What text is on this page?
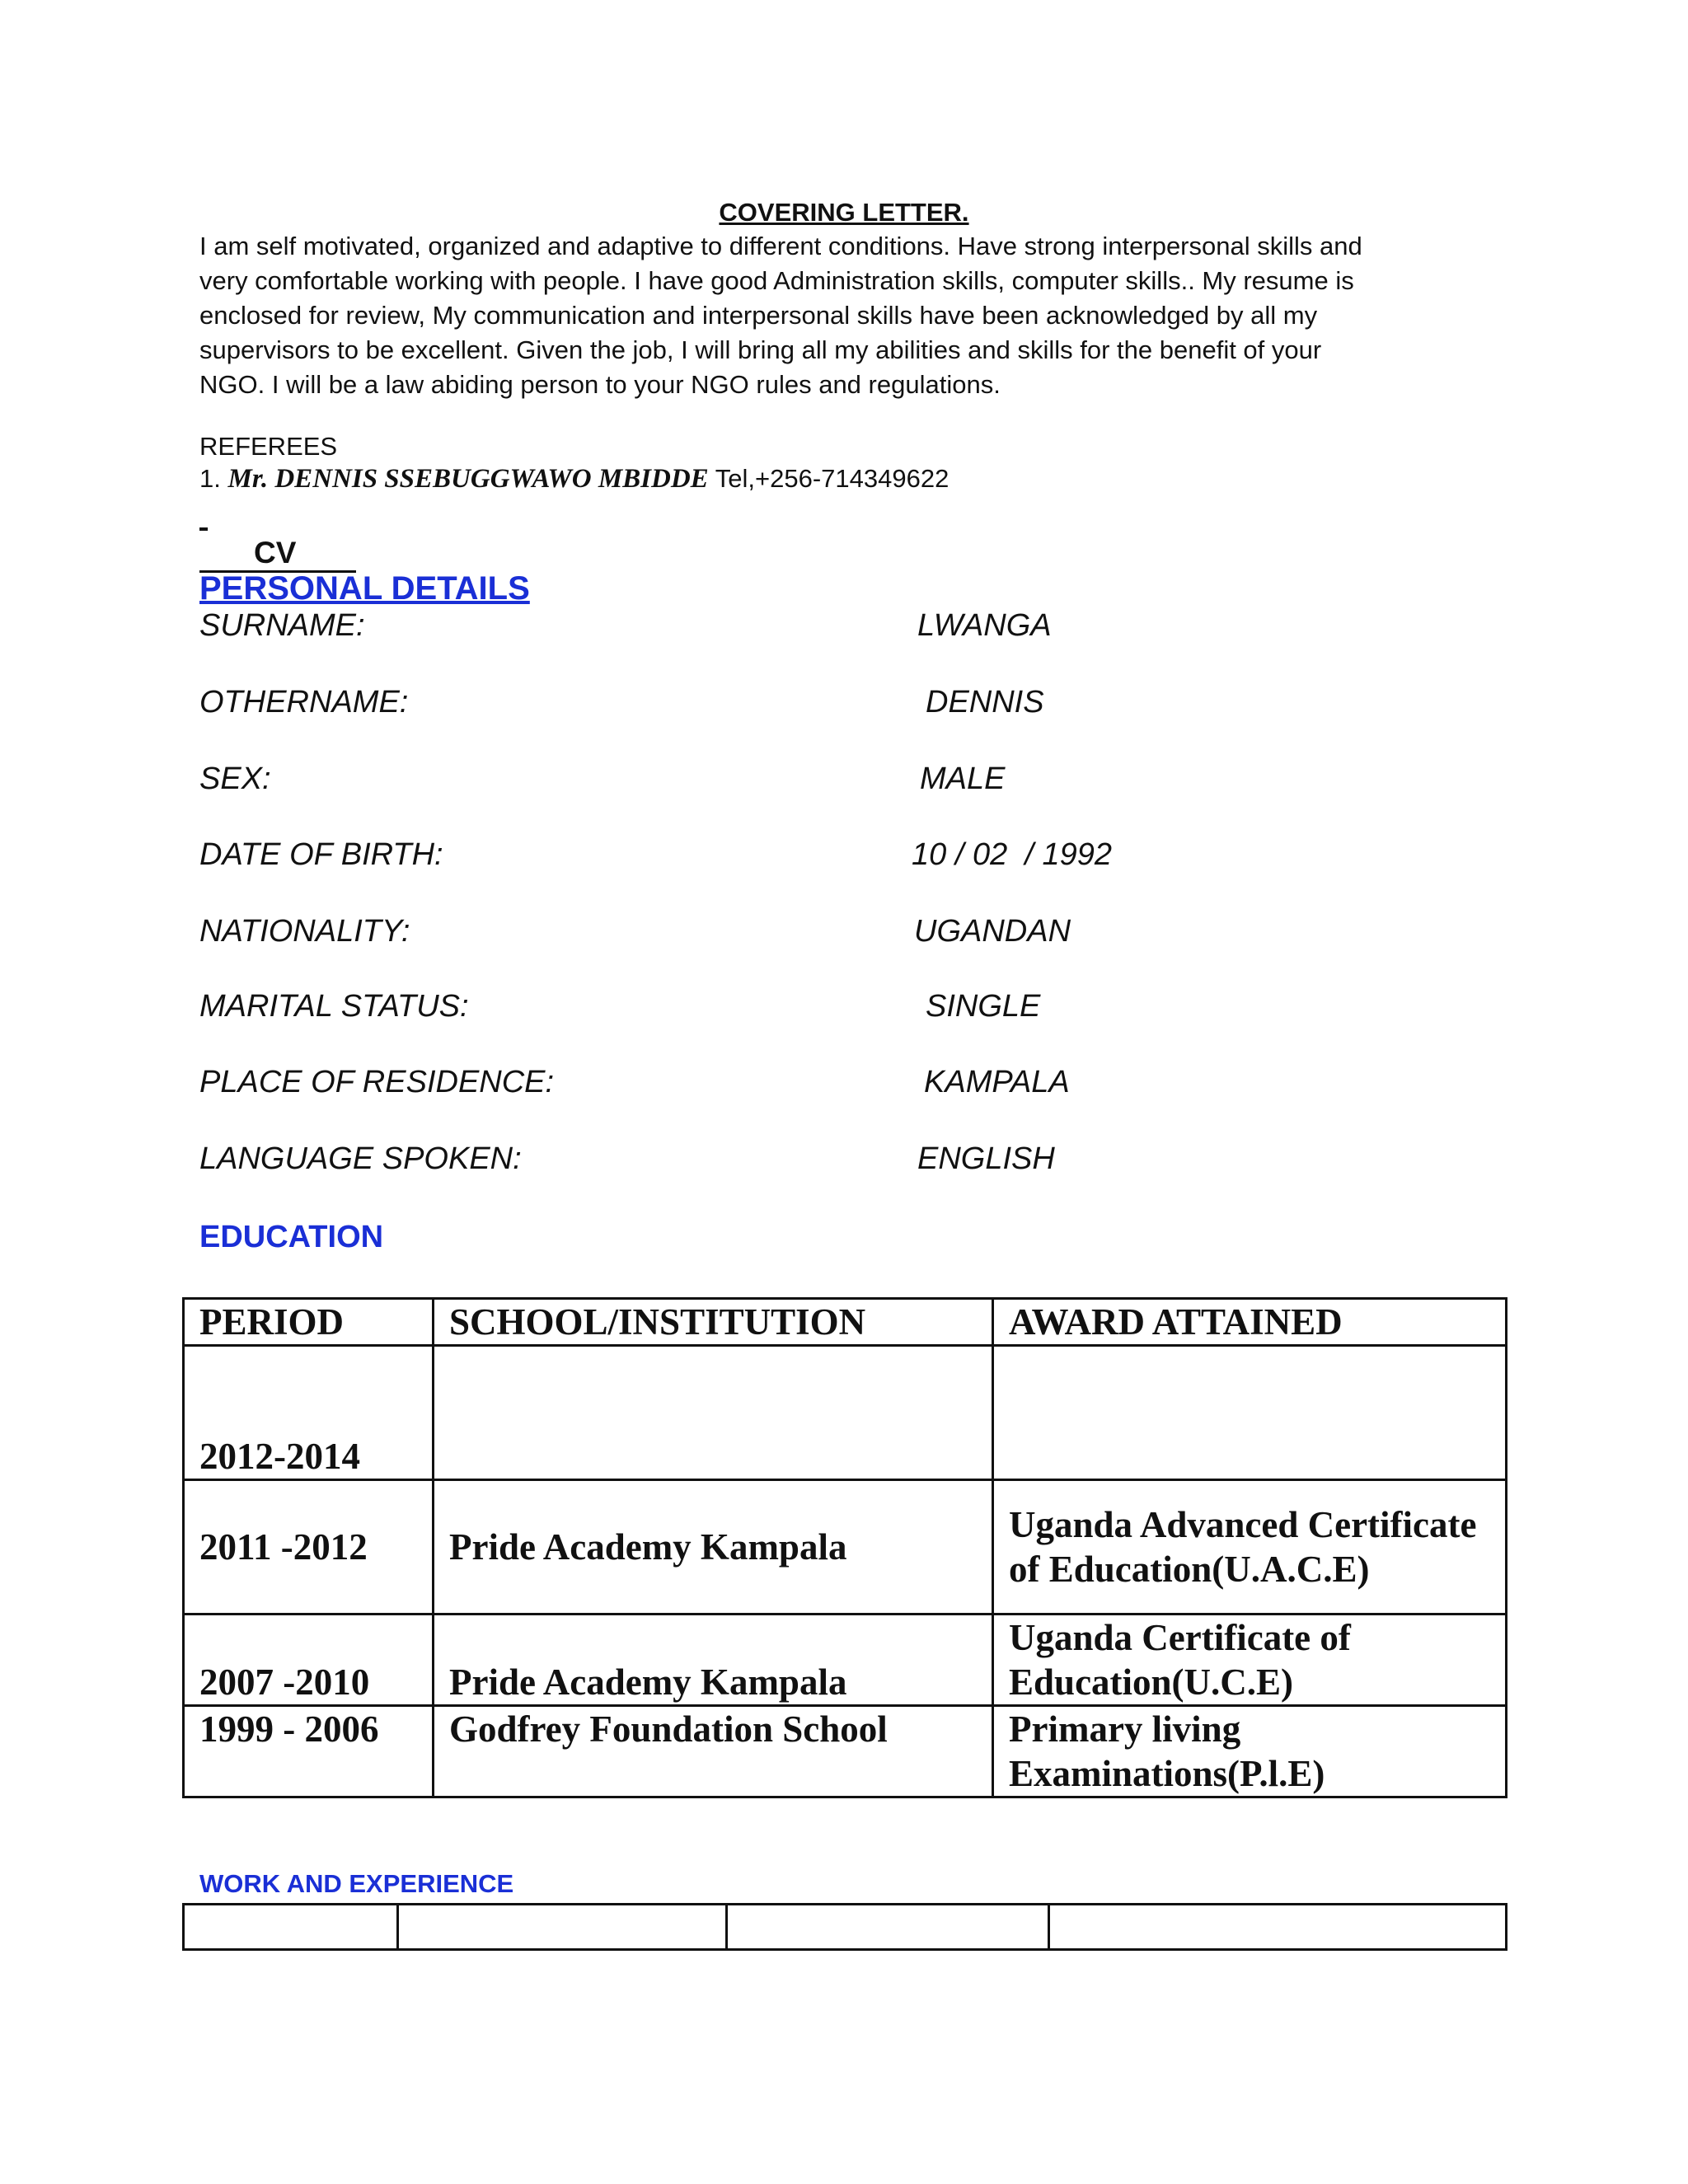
COVERING LETTER.
I am self motivated, organized and adaptive to different conditions. Have strong interpersonal skills and
very comfortable working with people. I have good Administration skills, computer skills.. My resume is
enclosed for review, My communication and interpersonal skills have been acknowledged by all my
supervisors to be excellent. Given the job, I will bring all my abilities and skills for the benefit of your
NGO. I will be a law abiding person to your NGO rules and regulations.
REFEREES
1. Mr. DENNIS SSEBUGGWAWO MBIDDE Tel,+256-714349622
CV
PERSONAL DETAILS
SURNAME:	LWANGA
OTHERNAME:	DENNIS
SEX:	MALE
DATE OF BIRTH:	10 / 02  / 1992
NATIONALITY:	UGANDAN
MARITAL STATUS:	SINGLE
PLACE OF RESIDENCE:	KAMPALA
LANGUAGE SPOKEN:	ENGLISH
EDUCATION
PERIOD	SCHOOL/INSTITUTION	AWARD ATTAINED
2012-2014		
2011 -2012	Pride Academy Kampala	Uganda Advanced Certificate of Education(U.A.C.E)
2007 -2010	Pride Academy Kampala	Uganda Certificate of Education(U.C.E)
1999 - 2006	Godfrey Foundation School	Primary living Examinations(P.l.E)
WORK AND EXPERIENCE
